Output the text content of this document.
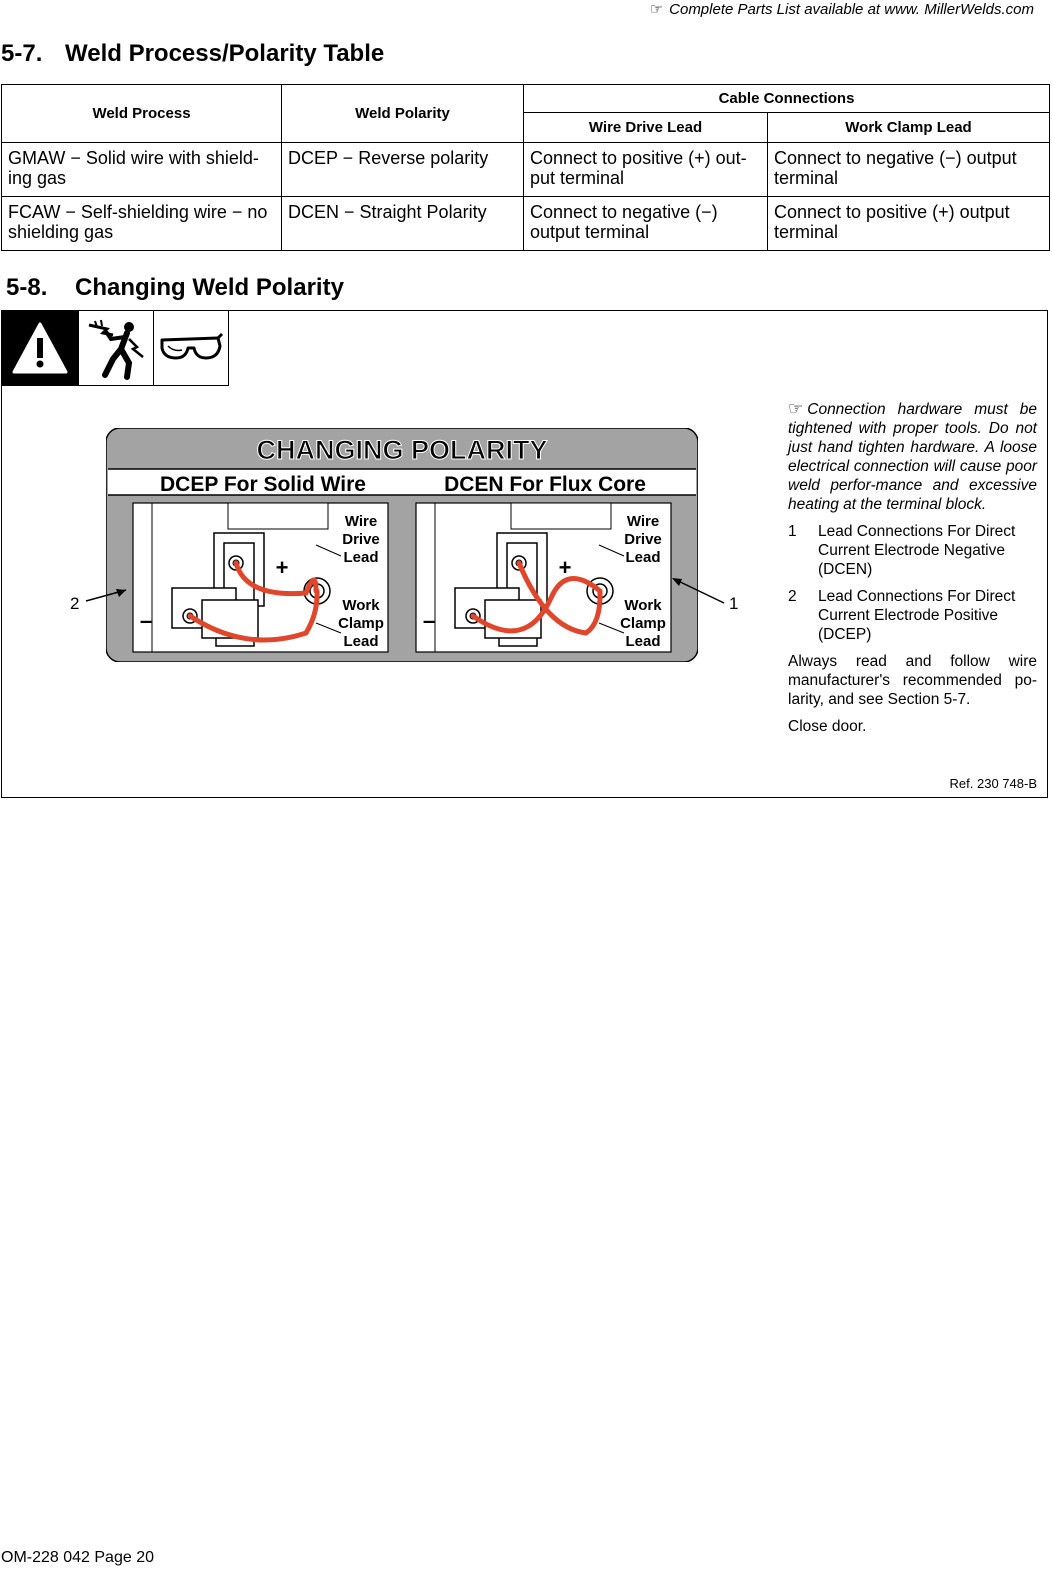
☞ Complete Parts List available at www. MillerWelds.com
5-7. Weld Process/Polarity Table
Weld Process	Weld Polarity	Cable Connections	
		Wire Drive Lead	Work Clamp Lead
GMAW − Solid wire with shield-ing gas	DCEP − Reverse polarity	Connect to positive (+) out-put terminal	Connect to negative (−) output terminal
FCAW − Self-shielding wire − no shielding gas	DCEN − Straight Polarity	Connect to negative (−) output terminal	Connect to positive (+) output terminal
5-8. Changing Weld Polarity
CHANGING POLARITY
DCEP For Solid Wire	DCEN For Flux Core
+
–
Wire
Drive
Lead
Work
Clamp
Lead
+
–
Wire
Drive
Lead
Work
Clamp
Lead
2	1
☞ Connection hardware must be tightened with proper tools. Do not just hand tighten hardware. A loose electrical connection will cause poor weld perfor-mance and excessive heating at the terminal block.
1	Lead Connections For Direct Current Electrode Negative (DCEN)
2	Lead Connections For Direct Current Electrode Positive (DCEP)

Always read and follow wire manufacturer's recommended po-larity, and see Section 5-7.

Close door.

Ref. 230 748-B
OM-228 042 Page 20
